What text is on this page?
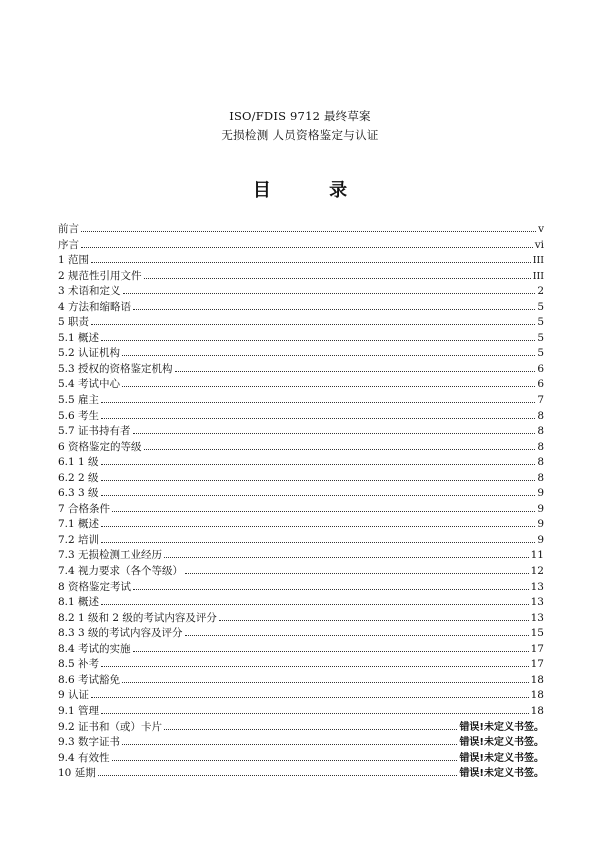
ISO/FDIS 9712 最终草案
无损检测 人员资格鉴定与认证
目 录
前言	v
序言	vi
1 范围	III
2 规范性引用文件	III
3 术语和定义	2
4 方法和缩略语	5
5 职责	5
5.1 概述	5
5.2 认证机构	5
5.3 授权的资格鉴定机构	6
5.4 考试中心	6
5.5 雇主	7
5.6 考生	8
5.7 证书持有者	8
6 资格鉴定的等级	8
6.1 1 级	8
6.2 2 级	8
6.3 3 级	9
7 合格条件	9
7.1 概述	9
7.2 培训	9
7.3 无损检测工业经历	11
7.4 视力要求（各个等级）	12
8 资格鉴定考试	13
8.1 概述	13
8.2 1 级和 2 级的考试内容及评分	13
8.3 3 级的考试内容及评分	15
8.4 考试的实施	17
8.5 补考	17
8.6 考试豁免	18
9 认证	18
9.1 管理	18
9.2 证书和（或）卡片	错误!未定义书签。
9.3 数字证书	错误!未定义书签。
9.4 有效性	错误!未定义书签。
10 延期	错误!未定义书签。
